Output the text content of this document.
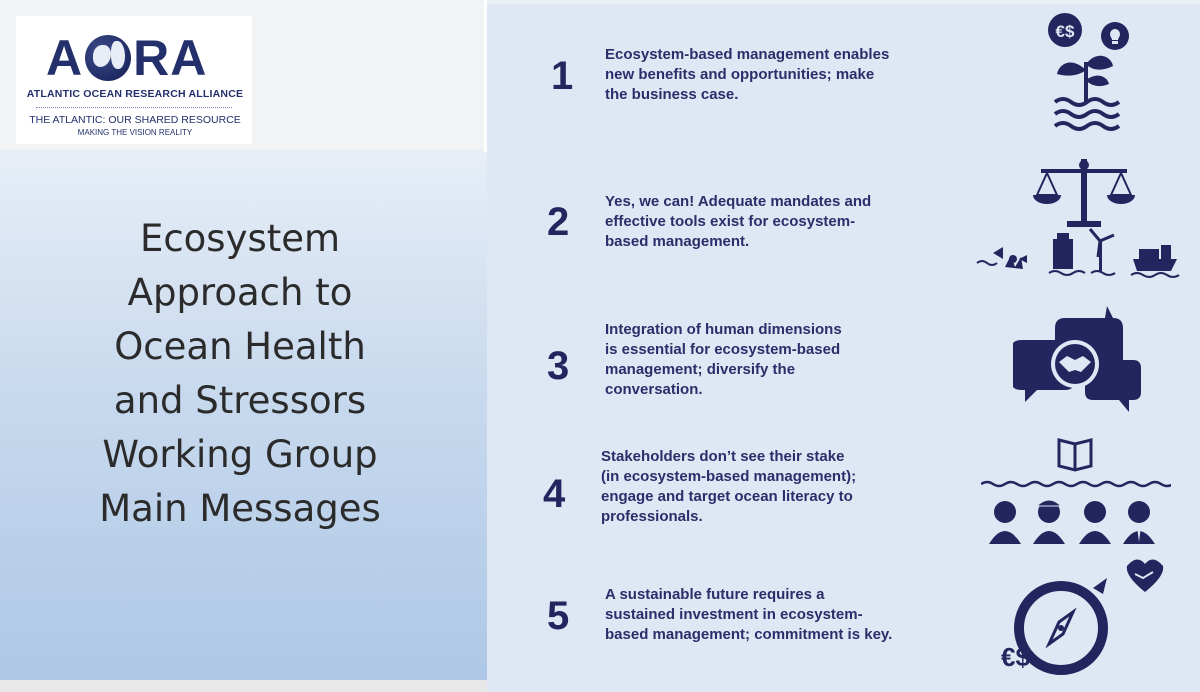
A RA
ATLANTIC OCEAN RESEARCH ALLIANCE
THE ATLANTIC: OUR SHARED RESOURCE
MAKING THE VISION REALITY
Ecosystem
Approach to
Ocean Health
and Stressors
Working Group
Main Messages
1 Ecosystem-based management enables
new benefits and opportunities; make
the business case.
2 Yes, we can! Adequate mandates and
effective tools exist for ecosystem-
based management.
3
Integration of human dimensions
is essential for ecosystem-based
management; diversify the
conversation.
4
Stakeholders don’t see their stake
(in ecosystem-based management);
engage and target ocean literacy to
professionals.
5 A sustainable future requires a
sustained investment in ecosystem-
based management; commitment is key.
€$
€$
